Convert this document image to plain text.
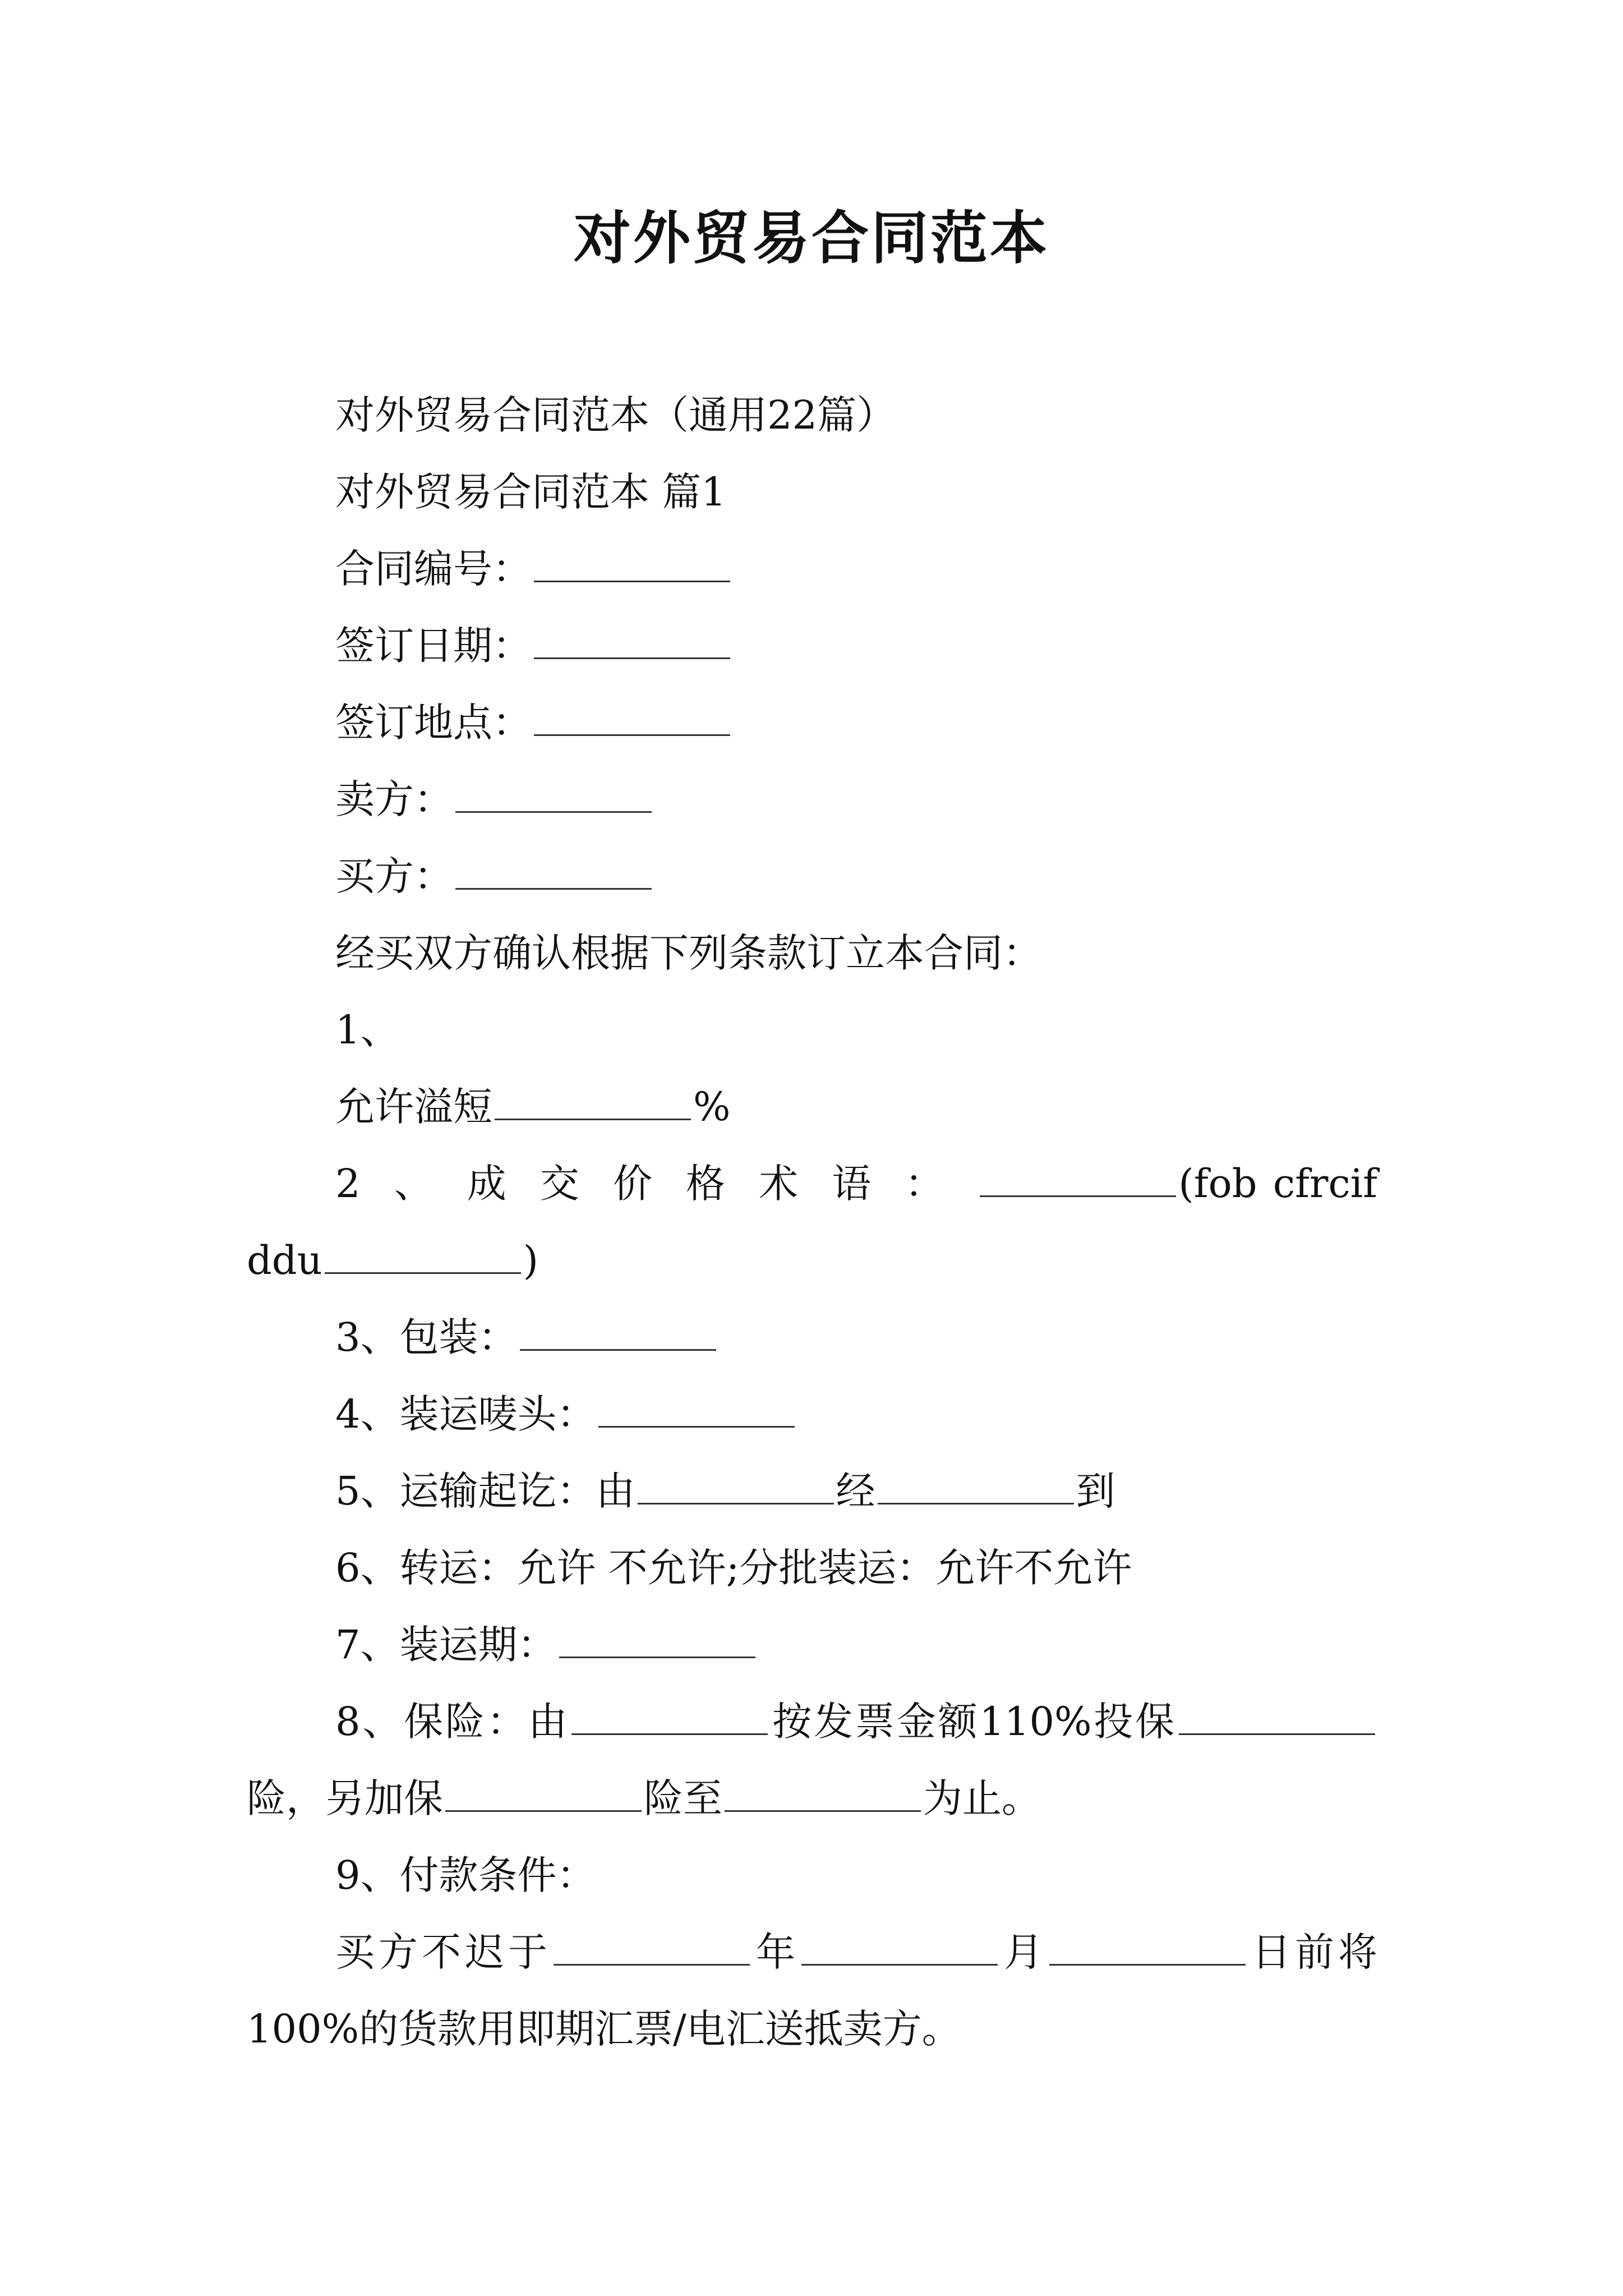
对外贸易合同范本
对外贸易合同范本（通用22篇）
对外贸易合同范本 篇1
合同编号：
签订日期：
签订地点：
卖方：
买方：
经买双方确认根据下列条款订立本合同：
1、
允许溢短	%
2、成交价格术语：	(fob cfrcif ddu	)
3、包装：
4、装运唛头：
5、运输起讫：由	经	到
6、转运：允许 不允许;分批装运：允许不允许
7、装运期：
8、保险：由	按发票金额110%投保险，另加保	险至	为止。
9、付款条件：
买方不迟于	年	月	日前将100%的货款用即期汇票/电汇送抵卖方。
